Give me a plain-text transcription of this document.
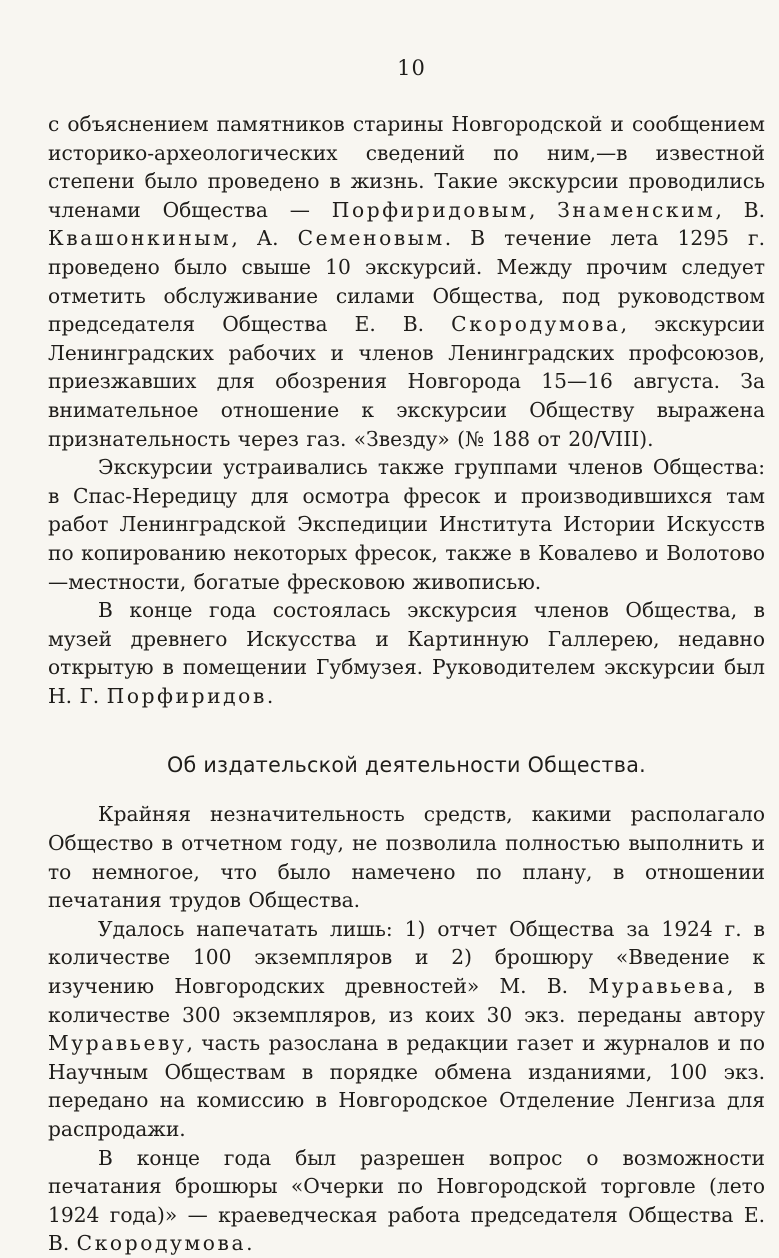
10

с объяснением памятников старины Новгородской и сообщением историко-археологических сведений по ним,—в известной степени было проведено в жизнь. Такие экскурсии проводились членами Общества — Порфиридовым, Знаменским, В. Квашонкиным, А. Семеновым. В течение лета 1295 г. проведено было свыше 10 экскурсий. Между прочим следует отметить обслуживание силами Общества, под руководством председателя Общества Е. В. Скородумова, экскурсии Ленинградских рабочих и членов Ленинградских профсоюзов, приезжавших для обозрения Новгорода 15—16 августа. За внимательное отношение к экскурсии Обществу выражена признательность через газ. «Звезду» (№ 188 от 20/VIII).

Экскурсии устраивались также группами членов Общества: в Спас-Нередицу для осмотра фресок и производившихся там работ Ленинградской Экспедиции Института Истории Искусств по копированию некоторых фресок, также в Ковалево и Волотово—местности, богатые фресковою живописью.

В конце года состоялась экскурсия членов Общества, в музей древнего Искусства и Картинную Галлерею, недавно открытую в помещении Губмузея. Руководителем экскурсии был Н. Г. Порфиридов.

Об издательской деятельности Общества.

Крайняя незначительность средств, какими располагало Общество в отчетном году, не позволила полностью выполнить и то немногое, что было намечено по плану, в отношении печатания трудов Общества.

Удалось напечатать лишь: 1) отчет Общества за 1924 г. в количестве 100 экземпляров и 2) брошюру «Введение к изучению Новгородских древностей» М. В. Муравьева, в количестве 300 экземпляров, из коих 30 экз. переданы автору Муравьеву, часть разослана в редакции газет и журналов и по Научным Обществам в порядке обмена изданиями, 100 экз. передано на комиссию в Новгородское Отделение Ленгиза для распродажи.

В конце года был разрешен вопрос о возможности печатания брошюры «Очерки по Новгородской торговле (лето 1924 года)» — краеведческая работа председателя Общества Е. В. Скородумова.
